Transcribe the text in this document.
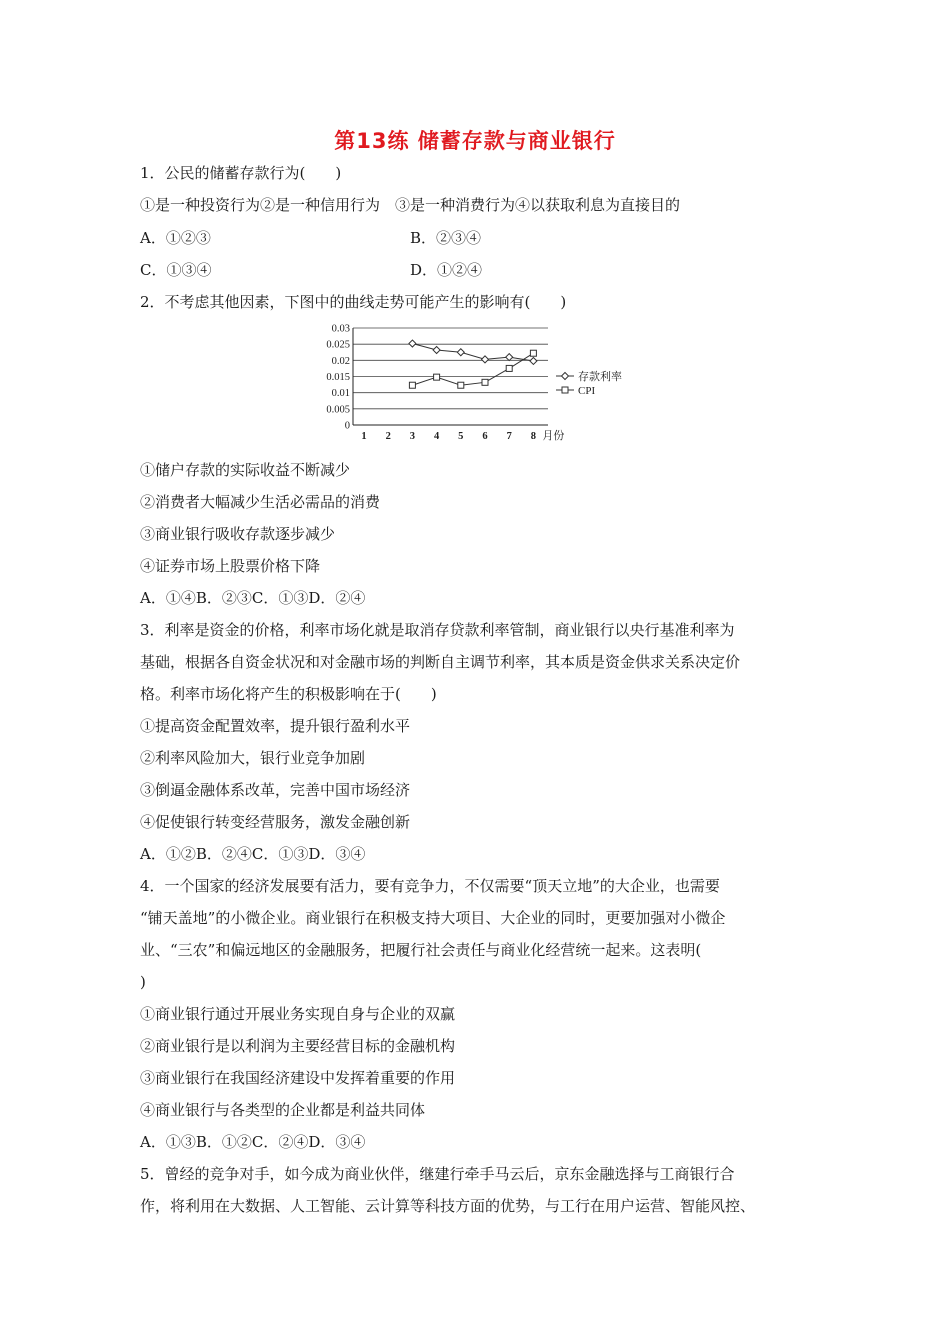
第13练 储蓄存款与商业银行
1．公民的储蓄存款行为(　　)
①是一种投资行为②是一种信用行为　③是一种消费行为④以获取利息为直接目的
A．①②③	B．②③④
C．①③④	D．①②④
2．不考虑其他因素，下图中的曲线走势可能产生的影响有(　　)
0
0.005
0.01
0.015
0.02
0.025
0.03
1 2 3 4 5 6 7 8 月份
存款利率
CPI
①储户存款的实际收益不断减少
②消费者大幅减少生活必需品的消费
③商业银行吸收存款逐步减少
④证券市场上股票价格下降
A．①④B．②③C．①③D．②④
3．利率是资金的价格，利率市场化就是取消存贷款利率管制，商业银行以央行基准利率为
基础，根据各自资金状况和对金融市场的判断自主调节利率，其本质是资金供求关系决定价
格。利率市场化将产生的积极影响在于(　　)
①提高资金配置效率，提升银行盈利水平
②利率风险加大，银行业竞争加剧
③倒逼金融体系改革，完善中国市场经济
④促使银行转变经营服务，激发金融创新
A．①②B．②④C．①③D．③④
4．一个国家的经济发展要有活力，要有竞争力，不仅需要“顶天立地”的大企业，也需要
“铺天盖地”的小微企业。商业银行在积极支持大项目、大企业的同时，更要加强对小微企
业、“三农”和偏远地区的金融服务，把履行社会责任与商业化经营统一起来。这表明(
)
①商业银行通过开展业务实现自身与企业的双赢
②商业银行是以利润为主要经营目标的金融机构
③商业银行在我国经济建设中发挥着重要的作用
④商业银行与各类型的企业都是利益共同体
A．①③B．①②C．②④D．③④
5．曾经的竞争对手，如今成为商业伙伴，继建行牵手马云后，京东金融选择与工商银行合
作，将利用在大数据、人工智能、云计算等科技方面的优势，与工行在用户运营、智能风控、
